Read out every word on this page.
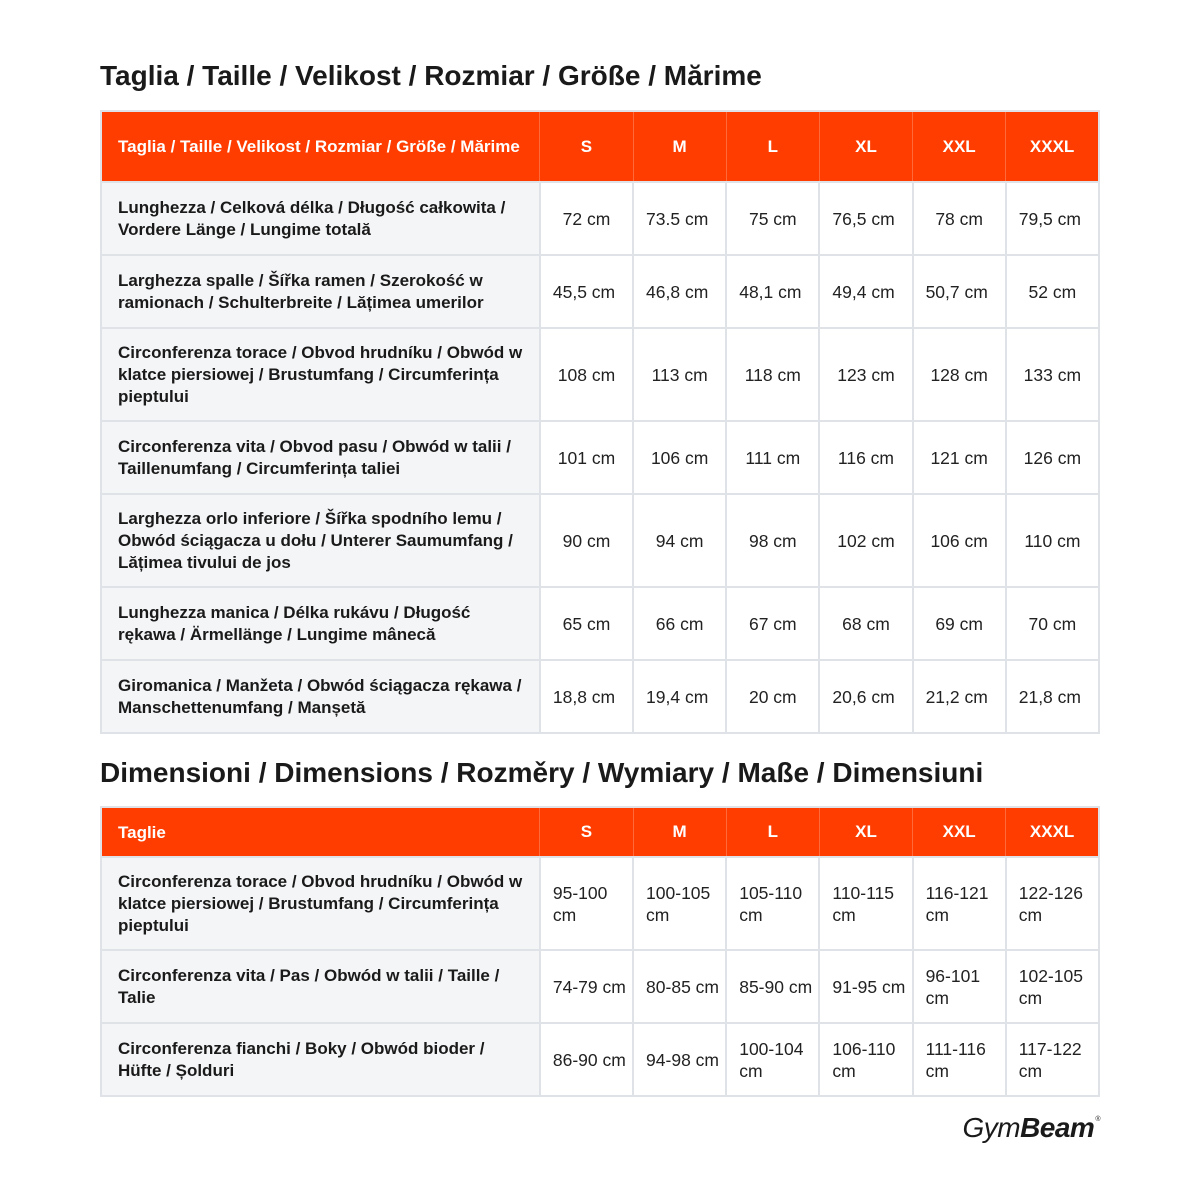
Taglia / Taille / Velikost / Rozmiar / Größe / Mărime
Taglia / Taille / Velikost / Rozmiar / Größe / Mărime	S	M	L	XL	XXL	XXXL
Lunghezza / Celková délka / Długość całkowita / Vordere Länge / Lungime totală	72 cm	73.5 cm	75 cm	76,5 cm	78 cm	79,5 cm
Larghezza spalle / Šířka ramen / Szerokość w ramionach / Schulterbreite / Lățimea umerilor	45,5 cm	46,8 cm	48,1 cm	49,4 cm	50,7 cm	52 cm
Circonferenza torace / Obvod hrudníku / Obwód w klatce piersiowej / Brustumfang / Circumferința pieptului	108 cm	113 cm	118 cm	123 cm	128 cm	133 cm
Circonferenza vita / Obvod pasu / Obwód w talii / Taillenumfang / Circumferința taliei	101 cm	106 cm	111 cm	116 cm	121 cm	126 cm
Larghezza orlo inferiore / Šířka spodního lemu / Obwód ściągacza u dołu / Unterer Saumumfang / Lățimea tivului de jos	90 cm	94 cm	98 cm	102 cm	106 cm	110 cm
Lunghezza manica / Délka rukávu / Długość rękawa / Ärmellänge / Lungime mânecă	65 cm	66 cm	67 cm	68 cm	69 cm	70 cm
Giromanica / Manžeta / Obwód ściągacza rękawa / Manschettenumfang / Manșetă	18,8 cm	19,4 cm	20 cm	20,6 cm	21,2 cm	21,8 cm
Dimensioni / Dimensions / Rozměry / Wymiary / Maße / Dimensiuni
Taglie	S	M	L	XL	XXL	XXXL
Circonferenza torace / Obvod hrudníku / Obwód w klatce piersiowej / Brustumfang / Circumferința pieptului	95-100 cm	100-105 cm	105-110 cm	110-115 cm	116-121 cm	122-126 cm
Circonferenza vita / Pas / Obwód w talii / Taille / Talie	74-79 cm	80-85 cm	85-90 cm	91-95 cm	96-101 cm	102-105 cm
Circonferenza fianchi / Boky / Obwód bioder / Hüfte / Șolduri	86-90 cm	94-98 cm	100-104 cm	106-110 cm	111-116 cm	117-122 cm
Gym Beam ®
